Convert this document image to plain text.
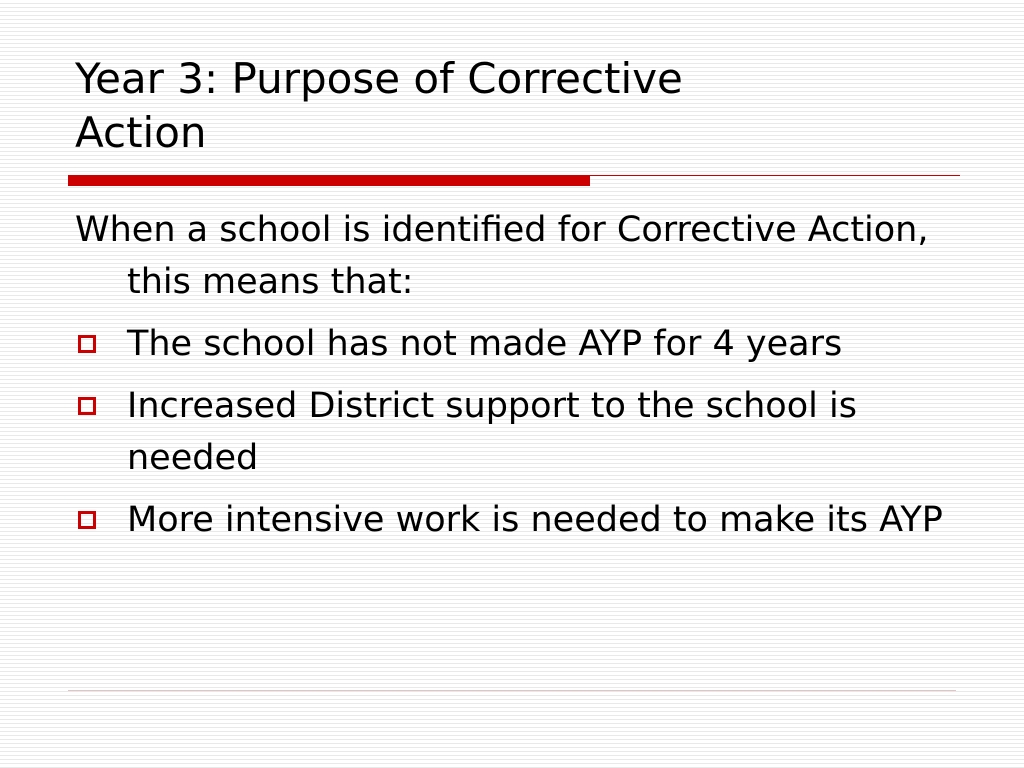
Year 3: Purpose of Corrective
Action

When a school is identified for Corrective Action, this means that:

The school has not made AYP for 4 years
Increased District support to the school is needed
More intensive work is needed to make its AYP
